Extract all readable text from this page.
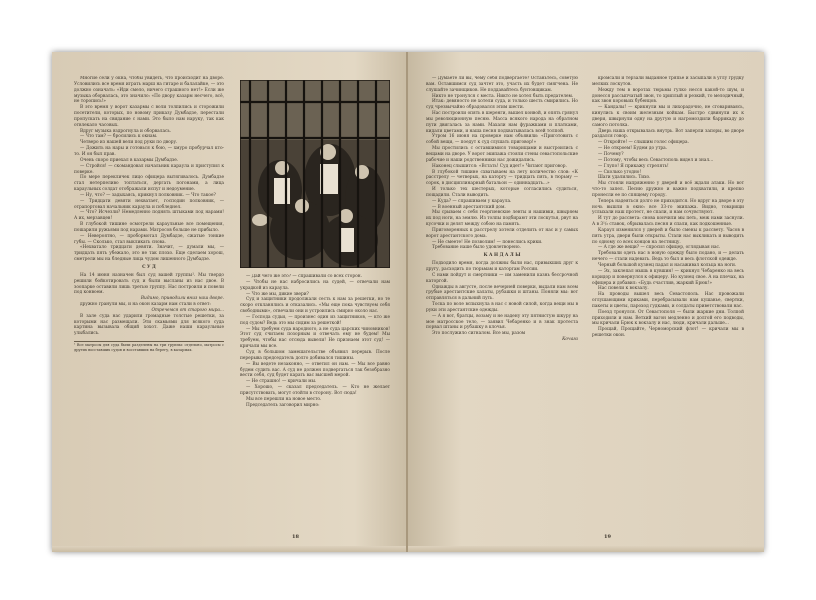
Многие сели у окна, чтобы увидеть, что происходит на дворе. Условились все время играть марш на гитаре и балалайке, — это должно означать: «Иди смело, ничего страшного нет!» Если же музыка оборвалась, это значило: «По двору казарм несчего, всё, не торопись!»

В это время у ворот казармы с воли толпились и сторожили посетители, которых, по новому приказу Думбадзе, перестали пропускать на свидание с нами. Это было нам наруку, так как отвлекало часовых.

Вдруг музыка вздрогнула и оборвалась.

— Что там? — бросились к окнам.

Четверо из нашей вели под руки по двору.

— Дожить на нары и готовься к бою, — хмуро пробурчал кто-то. И он был прав.

Очень скоро приехал в казармы Думбадзе.

— Стройся! — скомандовал начальник караула и приступил к поверке.

По мере перекличек лицо офицера вытягивалось. Думбадзе стал нетерпеливо топтаться, дергать погонами, а лица караульных солдат отображали испуг и недоумение.

— Ну, что? — задыхаясь, крикнул полковник. — Что такое?

— Тридцати девяти нехватает, господин полковник, — отрапортовал начальник караула и побледнел.

— Что? Исчезли? Немедленно поднять штыками под нарами! А их, мерзавцев!

В глубокой тишине осмотрели караульные все помещения, пошарили ружьями под нарами. Матросов больше не прибыло.

— Невероятно, — пробормотал Думбадзе, сжатые тонкие губы. — Сколько, стал выкликать снова.

«Нехватало тридцати девяти. Значит, — думали мы, — тридцать пять убежало, это не так плохо. Еще сделаем хорош, сметрели мы на бледные лица чудом лишенного Думбадзе.

С У Д

На 14 июня назначен был суд вашей группы¹. Мы твердо решили бойкотировать суд и были высланы из нас двое. В зоопарке оставили лишь третью группу. Нас построили и повели под конвоем.

Видимо, приводили вниз наш дворе.

дружно гранули мы, и на окон казарм нам стали в ответ:

Отречемся от старого мира...

В зале суда нас ударили громадные толстые решетки, за которыми нас размещали. Эти скамьями для всякого суда картина вызывала общий хохот. Даже наши караульные улыбались.

¹ Все матросы для суда были разделены на три группы: отдельно, матросы с других восставших судов и восставших на берегу, в казармах.

— Дай чего же это? — спрашивали со всех сторон.

— Чтобы не нас набросились на судей, — отвечали нам украдкой из караула.

— Что же мы, дикие звери?

Суд и защитники продолжали сесть к нам за решетки, но те скоро откланялись и отказались. «Мы еще пока чувствуем себя свободными», отвечали они и устроились смирно около нас.

— Господа судьи, — произнес один из защитников, — кто же под судом? Ведь это мы сидим за решеткой!

— Мы требуем суда народного, а не суда царских чиновников! Этот суд считаем позорным и отвечать ему не будем! Мы требуем, чтобы нас отсюда вывели! Не признаем этот суд! — кричали мы все.

Суд в большом замешательстве объявил перерыв. После перерыва председатель долго добивался тишины.

— Вы ведете незаконно, — ответил он нам. — Мы все равно будем судить вас. А суд не должен подвергаться так безобразно вести себя, суд будет карать вас высшей мерой.

— Не страшно! — кричали мы.

— Хорошо, — сказал председатель. — Кто не желает присутствовать, могут отойти в сторону. Вот сюда!

Мы все перешли на новое место.

Председатель заговорил мирно:

18

— Думаете ли вы, чему себя подвергаете? Останьтесь, советую вам. Оставшимся суд зачтет это, участь их будет смягчена. Не слушайте зачинщиков. Не поддавайтесь бунтовщикам.

Никто не тронулся с места. Никто не хотел быть предателем.

Итак: девяносто не хотели суда, и только шесть смирились. Но суд чрезвычайно обрадовался этим шести.

Нас построили опять в шеренги, вышел конвой, и опять грянул мы революционную песню. Масса всякого народа на обратном пути двигалась за нами. Махали нам фуражками и платками, кидали цветами, и наша песня подхватывалась всей толпой.

Утром 16 июня на проверке нам объявили: «Приготовить с собой вещи, — поедут к суд слушать приговор!»

Мы простились с оставшимися товарищами и выстроились с вещами на дворе. У ворот экипажа стояли стены севастопольские рабочие и наши родственники нас дожидались.

Наконец слышится: «Встать! Суд идет!» Читают приговор.

В глубокой тишине схватываем на лету количество слов: «К расстрелу — четверых, на каторгу — тридцать пять, в тюрьму — сорок, в дисциплинарный батальон — одиннадцать...»

И только тех шестерых, которые согласились судиться, пощадили. Стали выводить.

— Куда? — спрашиваем у караула.

— В военный арестантский дом.

Мы срываем с себя георгиевские ленты и нашивки, швыряем их под ноги, на землю. Из толпы подбирают эти лоскутья, рвут на кусочки и делят между собою на память.

Приговоренных к расстрелу хотели отделить от нас и у самых ворот арестантского дома.

— Не смеете! Не позволим! — понеслись крики.

Требование наше было удовлетворено.

К А Н Д А Л Ы

Подходило время, когда должны были нас, привыкших друг к другу, расходить по тюрьмам и каторгам России.

С нами пойдут и смертники — им заменили казнь бессрочной каторгой.

Однажды в августе, после вечерней поверки, выдали нам всем грубые арестантские халаты, рубашки и штаны. Поняли мы: вот отправляться в дальний путь.

Тоска по воле вспыхнула в нас с новой силой, когда вещи мы в руки эти арестантские одежды.

— А я вот, братцы, возьму и не надену эту пятнистую шкуру на мое матросское тело, — заявил Чебаренко и в знак протеста порвал штаны и рубашку в клочья.

Это послужило сигналом. Все мы, разом

Кочага

кромсали и терзали выданное тряпье и засыпали в углу грудку мелких лоскутов.

Между тем в воротах тюрьмы гулко несся какой-то шум, и донесся рассыпчатый звон, то хриплый и резкий, то мелодичный, как звон коровьих бубенцов.

— Кандалы! — крикнули мы и лихорадочно, не сговариваясь, кинулись к своим железным койкам. Быстро сдвинули их к двери, швырнули одну на другую и нагромоздили баррикаду до самого потолка.

Дверь наша открывалась внутрь. Вот заперли запоры, во дворе раздался говор.

— Откройте! — слышим голос офицера.

— Не откроем! Будем до утра.

— Почему?

— Потому, чтобы весь Севастополь видел и знал...

— Глупо! Я прикажу стрелять!

— Сколько угодно!

Шаги удалились. Тихо.

Мы стояли напряженно у дверей и всё ждали атаки. Но вот что-то запел. Песню дружно и важно подхватили, и крепко пронесли ее по спящему городу.

Теперь надеяться долго не приходится. Но вдруг на дворе в эту ночь вышли в окно: все 33-го экипажа. Видно, товарищи услыхали наш протест, не спали, и нам сочувствуют.

И тут до рассвета: снова кончили мы петь, меж нами заснули. А в 3¹/₂ ставок, обрывалась песня и спали, как подкошенные.

Караул изменился у дверей и было смены к рассвету. Часов в пять утра, двери были открыты. Стали нас выкликать и выводить по одному со всех концов на лестницу.

— А где же вещи? — спросил офицер, оглядывая нас.

Требовали одеть нас в новую одежду было подано, и — делать нечего — стали надевать. Ведь то был и весь флотской одежде.

Черный большой кузнец падал и насаживал кольца на ноги.

— Эх, заклепал мышь в кувшин! — крикнул Чебаренко на весь коридор и повернулся к офицеру. Но кузнец свое. А на плечах, на офицера и добавил: «Будь счастлив, жаркий Брюк!»

Нас повели к вокзалу.

На проводы вышел весь Севастополь. Нас провожали оглушающими криками, перебрасывали нам кушанье, свертки, пакеты и цветы, пароход гудками, и солдаты приветствовали нас.

Поезд тронулся. От Севастополя — были жаркие дни. Толпой приходили и нам. Ветхий вагон медленно и долгой его подводы, мы кричали Брюк к вокзалу и нас, люди, кричали дальше...

Прощай, Прощайте, Черноморский флот! — кричали мы в решетки окон.

19
